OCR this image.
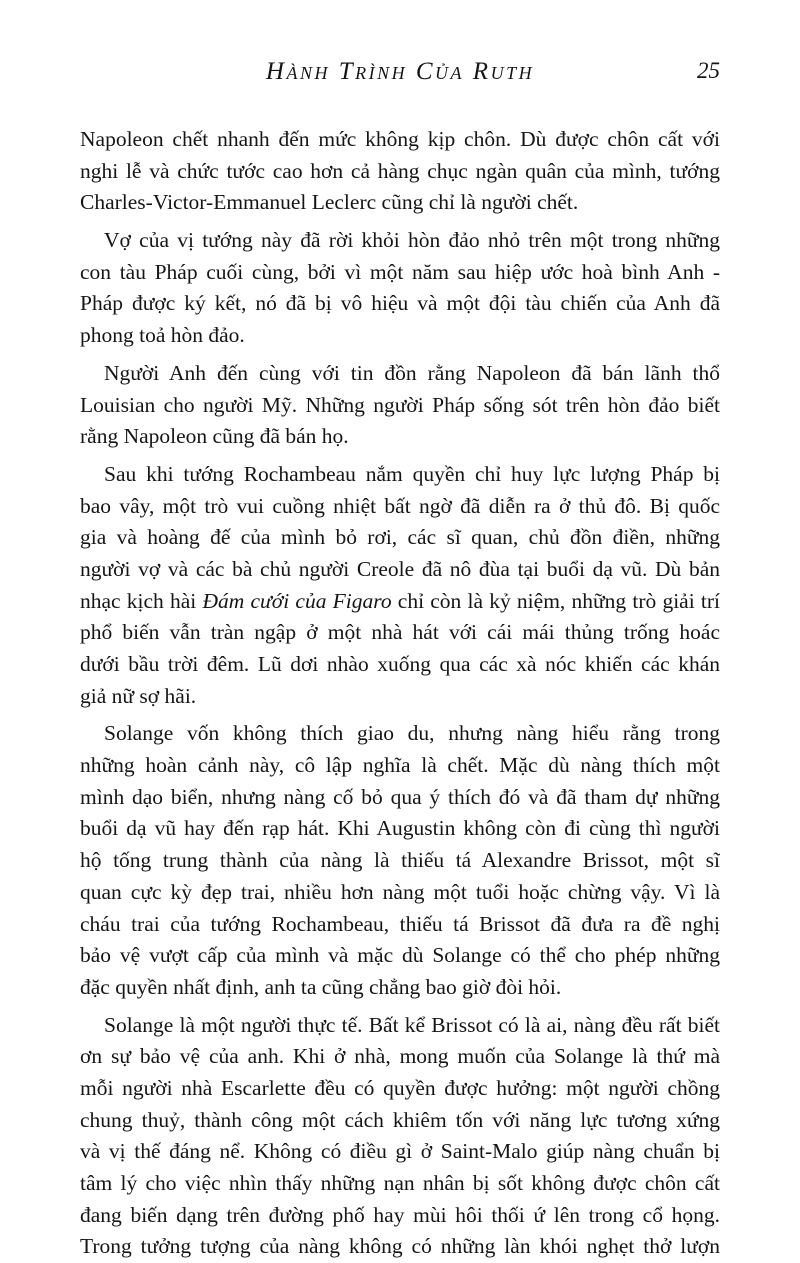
Hành Trình Của Ruth	25
Napoleon chết nhanh đến mức không kịp chôn. Dù được chôn cất với
nghi lễ và chức tước cao hơn cả hàng chục ngàn quân của mình, tướng
Charles-Victor-Emmanuel Leclerc cũng chỉ là người chết.
Vợ của vị tướng này đã rời khỏi hòn đảo nhỏ trên một trong những
con tàu Pháp cuối cùng, bởi vì một năm sau hiệp ước hoà bình Anh -
Pháp được ký kết, nó đã bị vô hiệu và một đội tàu chiến của Anh đã
phong toả hòn đảo.
Người Anh đến cùng với tin đồn rằng Napoleon đã bán lãnh thổ
Louisian cho người Mỹ. Những người Pháp sống sót trên hòn đảo biết
rằng Napoleon cũng đã bán họ.
Sau khi tướng Rochambeau nắm quyền chỉ huy lực lượng Pháp bị
bao vây, một trò vui cuồng nhiệt bất ngờ đã diễn ra ở thủ đô. Bị quốc
gia và hoàng đế của mình bỏ rơi, các sĩ quan, chủ đồn điền, những
người vợ và các bà chủ người Creole đã nô đùa tại buổi dạ vũ. Dù bản
nhạc kịch hài Đám cưới của Figaro chỉ còn là kỷ niệm, những trò giải trí
phổ biến vẫn tràn ngập ở một nhà hát với cái mái thủng trống hoác
dưới bầu trời đêm. Lũ dơi nhào xuống qua các xà nóc khiến các khán
giả nữ sợ hãi.
Solange vốn không thích giao du, nhưng nàng hiểu rằng trong
những hoàn cảnh này, cô lập nghĩa là chết. Mặc dù nàng thích một
mình dạo biển, nhưng nàng cố bỏ qua ý thích đó và đã tham dự những
buổi dạ vũ hay đến rạp hát. Khi Augustin không còn đi cùng thì người
hộ tống trung thành của nàng là thiếu tá Alexandre Brissot, một sĩ
quan cực kỳ đẹp trai, nhiều hơn nàng một tuổi hoặc chừng vậy. Vì là
cháu trai của tướng Rochambeau, thiếu tá Brissot đã đưa ra đề nghị
bảo vệ vượt cấp của mình và mặc dù Solange có thể cho phép những
đặc quyền nhất định, anh ta cũng chẳng bao giờ đòi hỏi.
Solange là một người thực tế. Bất kể Brissot có là ai, nàng đều rất biết
ơn sự bảo vệ của anh. Khi ở nhà, mong muốn của Solange là thứ mà
mỗi người nhà Escarlette đều có quyền được hưởng: một người chồng
chung thuỷ, thành công một cách khiêm tốn với năng lực tương xứng
và vị thế đáng nể. Không có điều gì ở Saint-Malo giúp nàng chuẩn bị
tâm lý cho việc nhìn thấy những nạn nhân bị sốt không được chôn cất
đang biến dạng trên đường phố hay mùi hôi thối ứ lên trong cổ họng.
Trong tưởng tượng của nàng không có những làn khói nghẹt thở lượn
